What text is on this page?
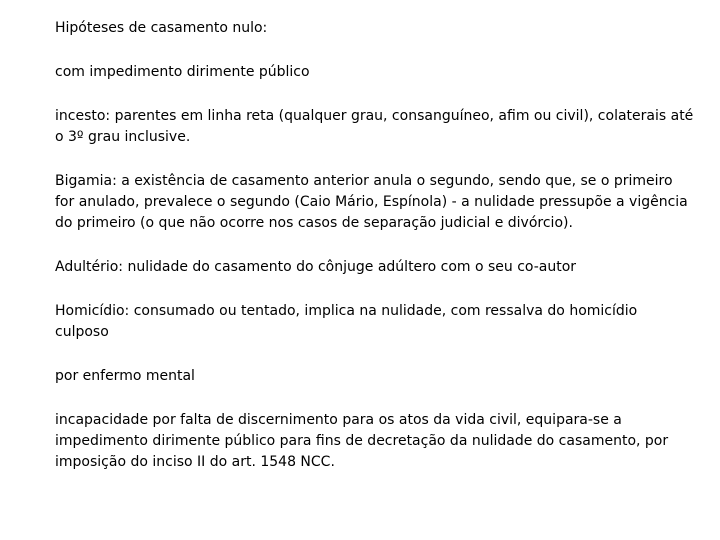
Hipóteses de casamento nulo:

com impedimento dirimente público

incesto: parentes em linha reta (qualquer grau, consanguíneo, afim ou civil), colaterais até o 3º grau inclusive.

Bigamia: a existência de casamento anterior anula o segundo, sendo que, se o primeiro for anulado, prevalece o segundo (Caio Mário, Espínola) - a nulidade pressupõe a vigência do primeiro (o que não ocorre nos casos de separação judicial e divórcio).

Adultério: nulidade do casamento do cônjuge adúltero com o seu co-autor

Homicídio: consumado ou tentado, implica na nulidade, com ressalva do homicídio culposo

por enfermo mental

incapacidade por falta de discernimento para os atos da vida civil, equipara-se a impedimento dirimente público para fins de decretação da nulidade do casamento, por imposição do inciso II do art. 1548 NCC.
